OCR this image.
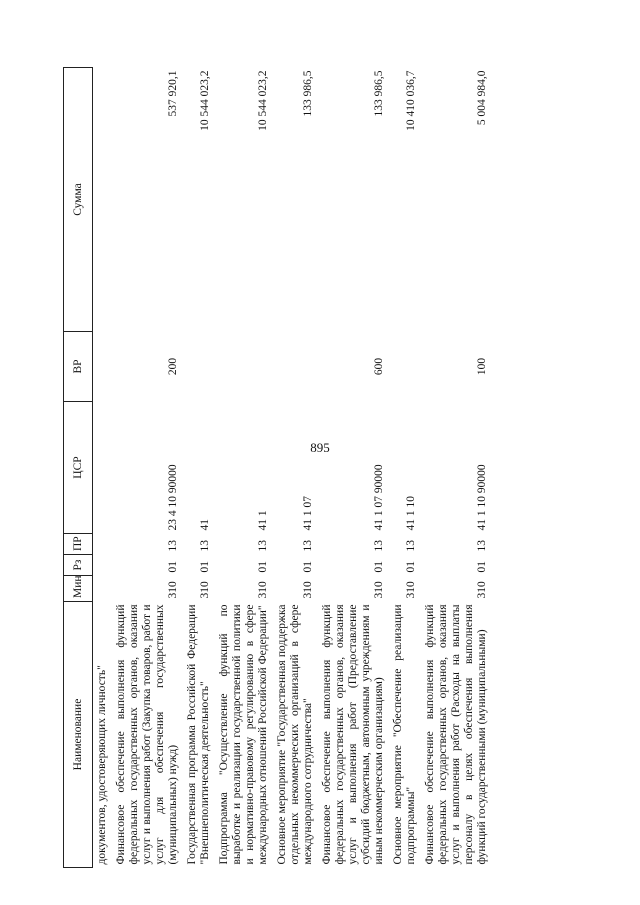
895
Наименование	Мин	Рз	ПР	ЦСР	ВР	Сумма
документов, удостоверяющих личность"						
Финансовое обеспечение выполнения функций федеральных государственных органов, оказания услуг и выполнения работ (Закупка товаров, работ и услуг для обеспечения государственных (муниципальных) нужд)	310	01	13	23 4 10 90000	200	537 920,1
Государственная программа Российской Федерации "Внешнеполитическая деятельность"	310	01	13	41		10 544 023,2
Подпрограмма "Осуществление функций по выработке и реализации государственной политики и нормативно-правовому регулированию в сфере международных отношений Российской Федерации"	310	01	13	41 1		10 544 023,2
Основное мероприятие "Государственная поддержка отдельных некоммерческих организаций в сфере международного сотрудничества"	310	01	13	41 1 07		133 986,5
Финансовое обеспечение выполнения функций федеральных государственных органов, оказания услуг и выполнения работ (Предоставление субсидий бюджетным, автономным учреждениям и иным некоммерческим организациям)	310	01	13	41 1 07 90000	600	133 986,5
Основное мероприятие "Обеспечение реализации подпрограммы"	310	01	13	41 1 10		10 410 036,7
Финансовое обеспечение выполнения функций федеральных государственных органов, оказания услуг и выполнения работ (Расходы на выплаты персоналу в целях обеспечения выполнения функций государственными (муниципальными)	310	01	13	41 1 10 90000	100	5 004 984,0
